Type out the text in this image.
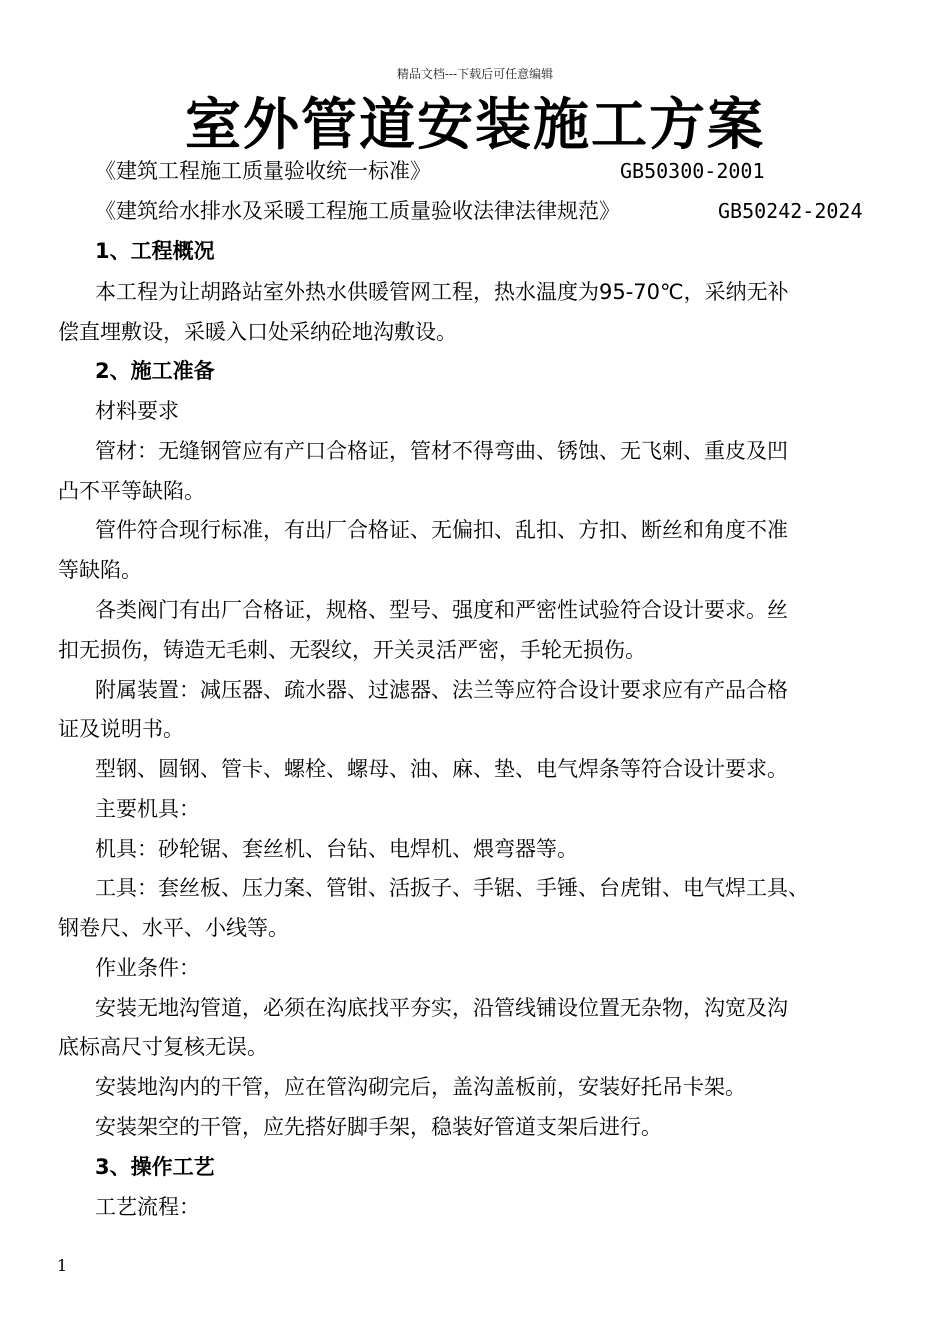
精品文档---下载后可任意编辑
室外管道安装施工方案
《建筑工程施工质量验收统一标准》	GB50300-2001
《建筑给水排水及采暖工程施工质量验收法律法律规范》	GB50242-2024
1、工程概况
本工程为让胡路站室外热水供暖管网工程，热水温度为95-70℃，采纳无补
偿直埋敷设，采暖入口处采纳砼地沟敷设。
2、施工准备
材料要求
管材：无缝钢管应有产口合格证，管材不得弯曲、锈蚀、无飞刺、重皮及凹
凸不平等缺陷。
管件符合现行标准，有出厂合格证、无偏扣、乱扣、方扣、断丝和角度不准
等缺陷。
各类阀门有出厂合格证，规格、型号、强度和严密性试验符合设计要求。丝
扣无损伤，铸造无毛刺、无裂纹，开关灵活严密，手轮无损伤。
附属装置：减压器、疏水器、过滤器、法兰等应符合设计要求应有产品合格
证及说明书。
型钢、圆钢、管卡、螺栓、螺母、油、麻、垫、电气焊条等符合设计要求。
主要机具：
机具：砂轮锯、套丝机、台钻、电焊机、煨弯器等。
工具：套丝板、压力案、管钳、活扳子、手锯、手锤、台虎钳、电气焊工具、
钢卷尺、水平、小线等。
作业条件：
安装无地沟管道，必须在沟底找平夯实，沿管线铺设位置无杂物，沟宽及沟
底标高尺寸复核无误。
安装地沟内的干管，应在管沟砌完后，盖沟盖板前，安装好托吊卡架。
安装架空的干管，应先搭好脚手架，稳装好管道支架后进行。
3、操作工艺
工艺流程：
1
